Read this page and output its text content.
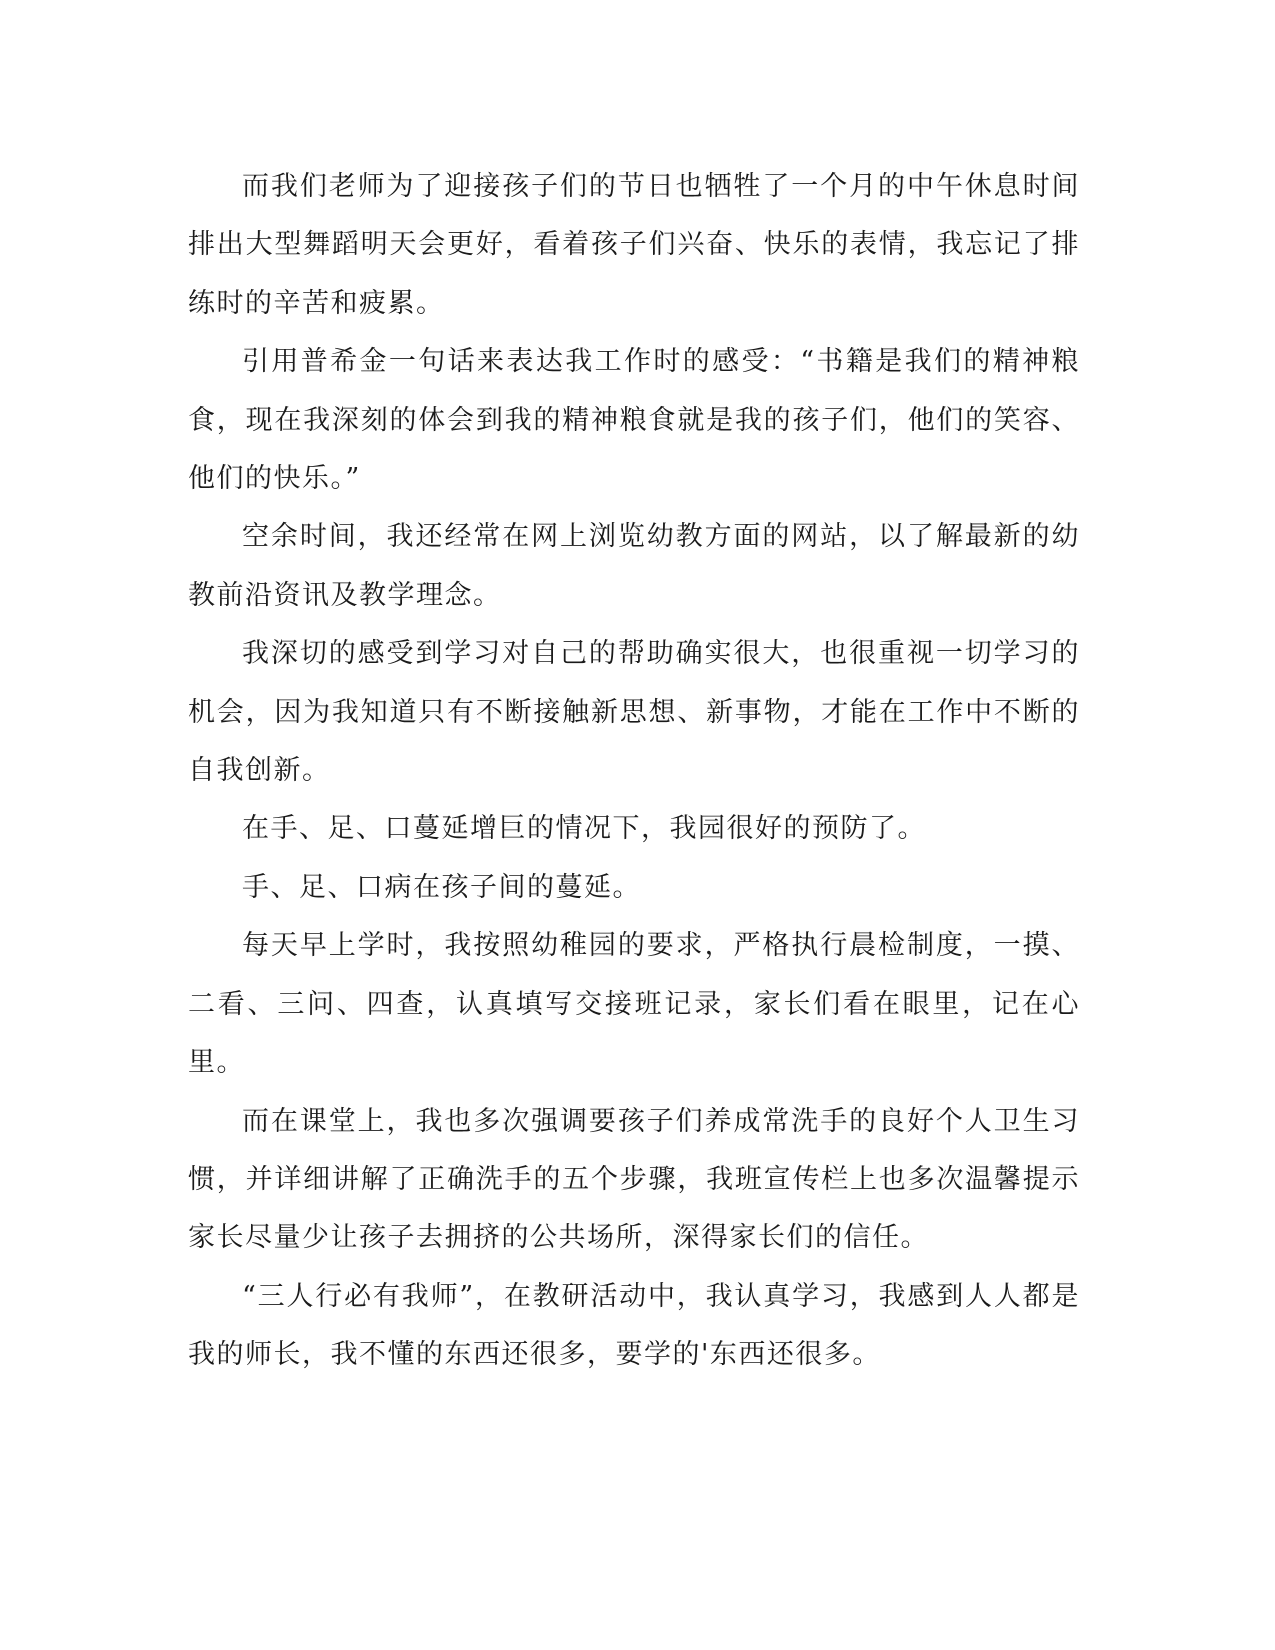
而我们老师为了迎接孩子们的节日也牺牲了一个月的中午休息时间排出大型舞蹈明天会更好，看着孩子们兴奋、快乐的表情，我忘记了排练时的辛苦和疲累。

引用普希金一句话来表达我工作时的感受：“书籍是我们的精神粮食，现在我深刻的体会到我的精神粮食就是我的孩子们，他们的笑容、他们的快乐。”

空余时间，我还经常在网上浏览幼教方面的网站，以了解最新的幼教前沿资讯及教学理念。

我深切的感受到学习对自己的帮助确实很大，也很重视一切学习的机会，因为我知道只有不断接触新思想、新事物，才能在工作中不断的自我创新。

在手、足、口蔓延增巨的情况下，我园很好的预防了。

手、足、口病在孩子间的蔓延。

每天早上学时，我按照幼稚园的要求，严格执行晨检制度，一摸、二看、三问、四查，认真填写交接班记录，家长们看在眼里，记在心里。

而在课堂上，我也多次强调要孩子们养成常洗手的良好个人卫生习惯，并详细讲解了正确洗手的五个步骤，我班宣传栏上也多次温馨提示家长尽量少让孩子去拥挤的公共场所，深得家长们的信任。

“三人行必有我师”，在教研活动中，我认真学习，我感到人人都是我的师长，我不懂的东西还很多，要学的'东西还很多。
